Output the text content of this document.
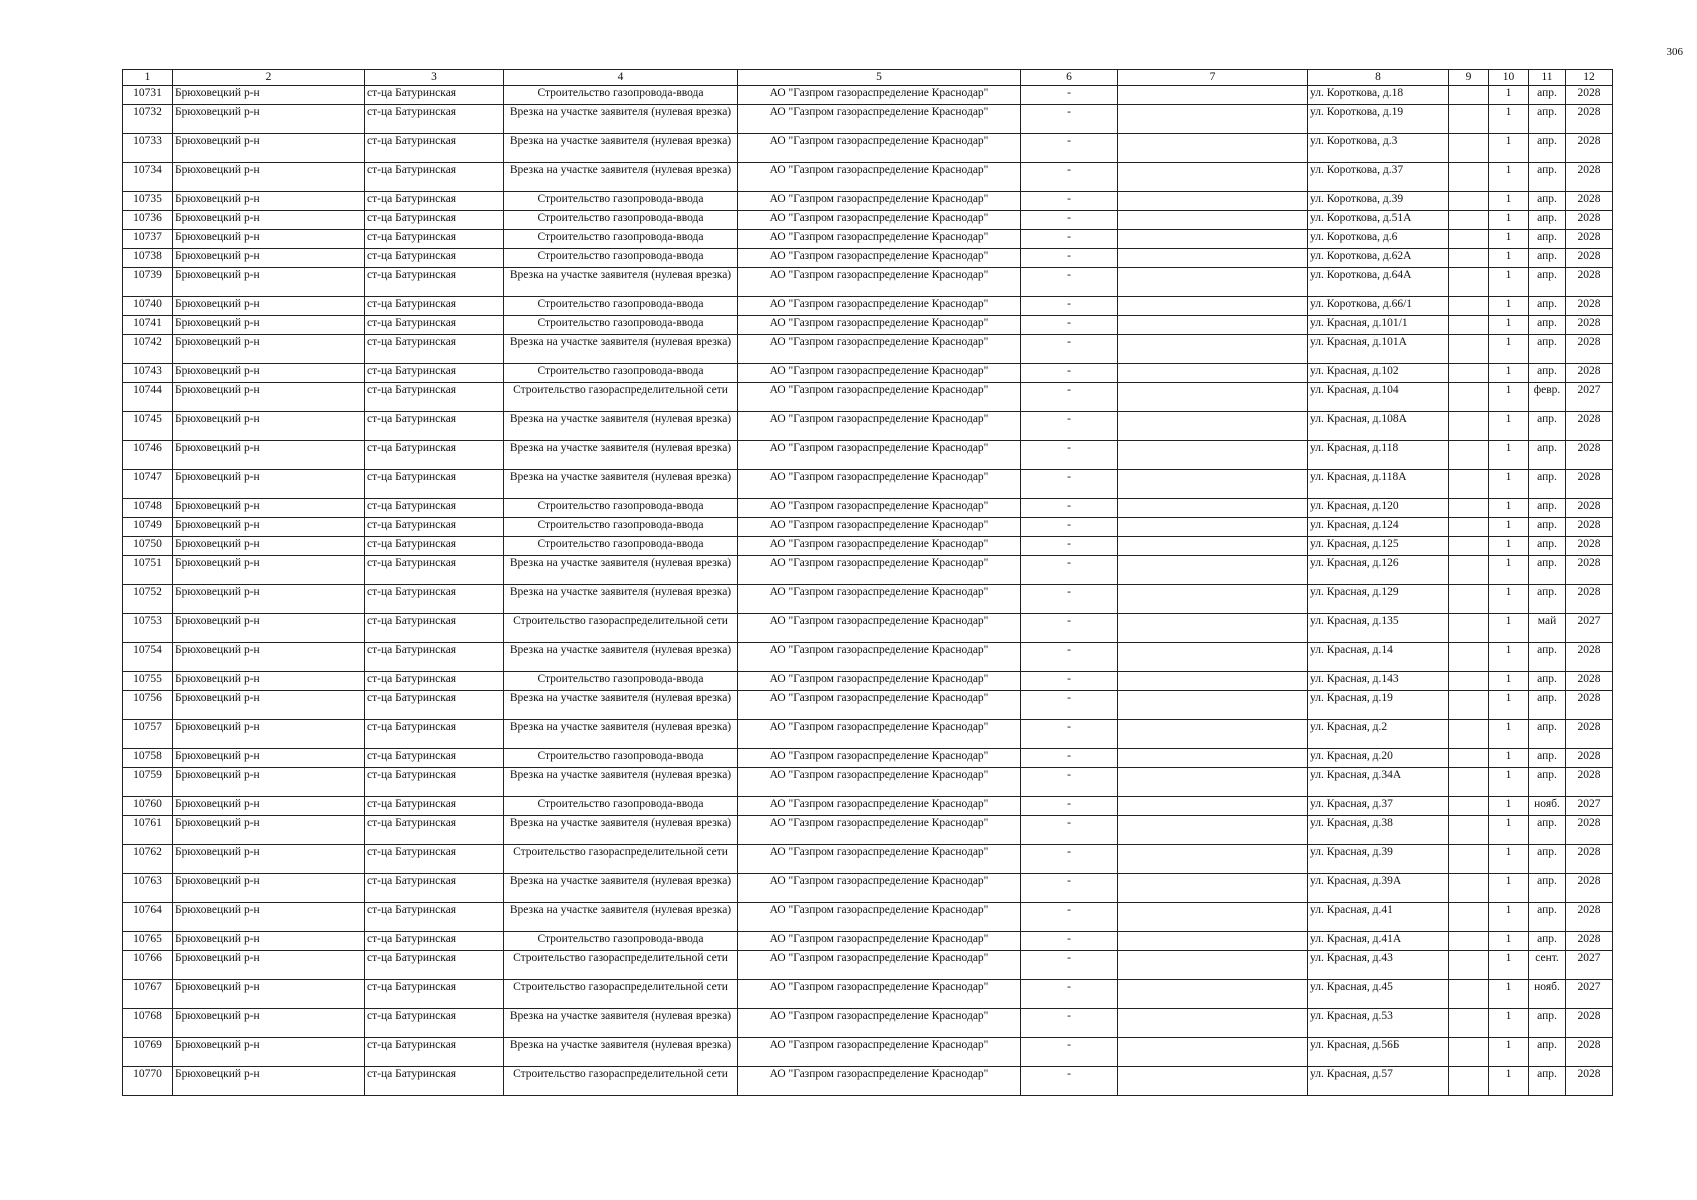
306
1	2	3	4	5	6	7	8	9	10	11	12
10731	Брюховецкий р-н	ст-ца Батуринская	Строительство газопровода-ввода	АО "Газпром газораспределение Краснодар"	-		ул. Короткова, д.18		1	апр.	2028
10732	Брюховецкий р-н	ст-ца Батуринская	Врезка на участке заявителя (нулевая врезка)	АО "Газпром газораспределение Краснодар"	-		ул. Короткова, д.19		1	апр.	2028
10733	Брюховецкий р-н	ст-ца Батуринская	Врезка на участке заявителя (нулевая врезка)	АО "Газпром газораспределение Краснодар"	-		ул. Короткова, д.3		1	апр.	2028
10734	Брюховецкий р-н	ст-ца Батуринская	Врезка на участке заявителя (нулевая врезка)	АО "Газпром газораспределение Краснодар"	-		ул. Короткова, д.37		1	апр.	2028
10735	Брюховецкий р-н	ст-ца Батуринская	Строительство газопровода-ввода	АО "Газпром газораспределение Краснодар"	-		ул. Короткова, д.39		1	апр.	2028
10736	Брюховецкий р-н	ст-ца Батуринская	Строительство газопровода-ввода	АО "Газпром газораспределение Краснодар"	-		ул. Короткова, д.51А		1	апр.	2028
10737	Брюховецкий р-н	ст-ца Батуринская	Строительство газопровода-ввода	АО "Газпром газораспределение Краснодар"	-		ул. Короткова, д.6		1	апр.	2028
10738	Брюховецкий р-н	ст-ца Батуринская	Строительство газопровода-ввода	АО "Газпром газораспределение Краснодар"	-		ул. Короткова, д.62А		1	апр.	2028
10739	Брюховецкий р-н	ст-ца Батуринская	Врезка на участке заявителя (нулевая врезка)	АО "Газпром газораспределение Краснодар"	-		ул. Короткова, д.64А		1	апр.	2028
10740	Брюховецкий р-н	ст-ца Батуринская	Строительство газопровода-ввода	АО "Газпром газораспределение Краснодар"	-		ул. Короткова, д.66/1		1	апр.	2028
10741	Брюховецкий р-н	ст-ца Батуринская	Строительство газопровода-ввода	АО "Газпром газораспределение Краснодар"	-		ул. Красная, д.101/1		1	апр.	2028
10742	Брюховецкий р-н	ст-ца Батуринская	Врезка на участке заявителя (нулевая врезка)	АО "Газпром газораспределение Краснодар"	-		ул. Красная, д.101А		1	апр.	2028
10743	Брюховецкий р-н	ст-ца Батуринская	Строительство газопровода-ввода	АО "Газпром газораспределение Краснодар"	-		ул. Красная, д.102		1	апр.	2028
10744	Брюховецкий р-н	ст-ца Батуринская	Строительство газораспределительной сети	АО "Газпром газораспределение Краснодар"	-		ул. Красная, д.104		1	февр.	2027
10745	Брюховецкий р-н	ст-ца Батуринская	Врезка на участке заявителя (нулевая врезка)	АО "Газпром газораспределение Краснодар"	-		ул. Красная, д.108А		1	апр.	2028
10746	Брюховецкий р-н	ст-ца Батуринская	Врезка на участке заявителя (нулевая врезка)	АО "Газпром газораспределение Краснодар"	-		ул. Красная, д.118		1	апр.	2028
10747	Брюховецкий р-н	ст-ца Батуринская	Врезка на участке заявителя (нулевая врезка)	АО "Газпром газораспределение Краснодар"	-		ул. Красная, д.118А		1	апр.	2028
10748	Брюховецкий р-н	ст-ца Батуринская	Строительство газопровода-ввода	АО "Газпром газораспределение Краснодар"	-		ул. Красная, д.120		1	апр.	2028
10749	Брюховецкий р-н	ст-ца Батуринская	Строительство газопровода-ввода	АО "Газпром газораспределение Краснодар"	-		ул. Красная, д.124		1	апр.	2028
10750	Брюховецкий р-н	ст-ца Батуринская	Строительство газопровода-ввода	АО "Газпром газораспределение Краснодар"	-		ул. Красная, д.125		1	апр.	2028
10751	Брюховецкий р-н	ст-ца Батуринская	Врезка на участке заявителя (нулевая врезка)	АО "Газпром газораспределение Краснодар"	-		ул. Красная, д.126		1	апр.	2028
10752	Брюховецкий р-н	ст-ца Батуринская	Врезка на участке заявителя (нулевая врезка)	АО "Газпром газораспределение Краснодар"	-		ул. Красная, д.129		1	апр.	2028
10753	Брюховецкий р-н	ст-ца Батуринская	Строительство газораспределительной сети	АО "Газпром газораспределение Краснодар"	-		ул. Красная, д.135		1	май	2027
10754	Брюховецкий р-н	ст-ца Батуринская	Врезка на участке заявителя (нулевая врезка)	АО "Газпром газораспределение Краснодар"	-		ул. Красная, д.14		1	апр.	2028
10755	Брюховецкий р-н	ст-ца Батуринская	Строительство газопровода-ввода	АО "Газпром газораспределение Краснодар"	-		ул. Красная, д.143		1	апр.	2028
10756	Брюховецкий р-н	ст-ца Батуринская	Врезка на участке заявителя (нулевая врезка)	АО "Газпром газораспределение Краснодар"	-		ул. Красная, д.19		1	апр.	2028
10757	Брюховецкий р-н	ст-ца Батуринская	Врезка на участке заявителя (нулевая врезка)	АО "Газпром газораспределение Краснодар"	-		ул. Красная, д.2		1	апр.	2028
10758	Брюховецкий р-н	ст-ца Батуринская	Строительство газопровода-ввода	АО "Газпром газораспределение Краснодар"	-		ул. Красная, д.20		1	апр.	2028
10759	Брюховецкий р-н	ст-ца Батуринская	Врезка на участке заявителя (нулевая врезка)	АО "Газпром газораспределение Краснодар"	-		ул. Красная, д.34А		1	апр.	2028
10760	Брюховецкий р-н	ст-ца Батуринская	Строительство газопровода-ввода	АО "Газпром газораспределение Краснодар"	-		ул. Красная, д.37		1	нояб.	2027
10761	Брюховецкий р-н	ст-ца Батуринская	Врезка на участке заявителя (нулевая врезка)	АО "Газпром газораспределение Краснодар"	-		ул. Красная, д.38		1	апр.	2028
10762	Брюховецкий р-н	ст-ца Батуринская	Строительство газораспределительной сети	АО "Газпром газораспределение Краснодар"	-		ул. Красная, д.39		1	апр.	2028
10763	Брюховецкий р-н	ст-ца Батуринская	Врезка на участке заявителя (нулевая врезка)	АО "Газпром газораспределение Краснодар"	-		ул. Красная, д.39А		1	апр.	2028
10764	Брюховецкий р-н	ст-ца Батуринская	Врезка на участке заявителя (нулевая врезка)	АО "Газпром газораспределение Краснодар"	-		ул. Красная, д.41		1	апр.	2028
10765	Брюховецкий р-н	ст-ца Батуринская	Строительство газопровода-ввода	АО "Газпром газораспределение Краснодар"	-		ул. Красная, д.41А		1	апр.	2028
10766	Брюховецкий р-н	ст-ца Батуринская	Строительство газораспределительной сети	АО "Газпром газораспределение Краснодар"	-		ул. Красная, д.43		1	сент.	2027
10767	Брюховецкий р-н	ст-ца Батуринская	Строительство газораспределительной сети	АО "Газпром газораспределение Краснодар"	-		ул. Красная, д.45		1	нояб.	2027
10768	Брюховецкий р-н	ст-ца Батуринская	Врезка на участке заявителя (нулевая врезка)	АО "Газпром газораспределение Краснодар"	-		ул. Красная, д.53		1	апр.	2028
10769	Брюховецкий р-н	ст-ца Батуринская	Врезка на участке заявителя (нулевая врезка)	АО "Газпром газораспределение Краснодар"	-		ул. Красная, д.56Б		1	апр.	2028
10770	Брюховецкий р-н	ст-ца Батуринская	Строительство газораспределительной сети	АО "Газпром газораспределение Краснодар"	-		ул. Красная, д.57		1	апр.	2028
